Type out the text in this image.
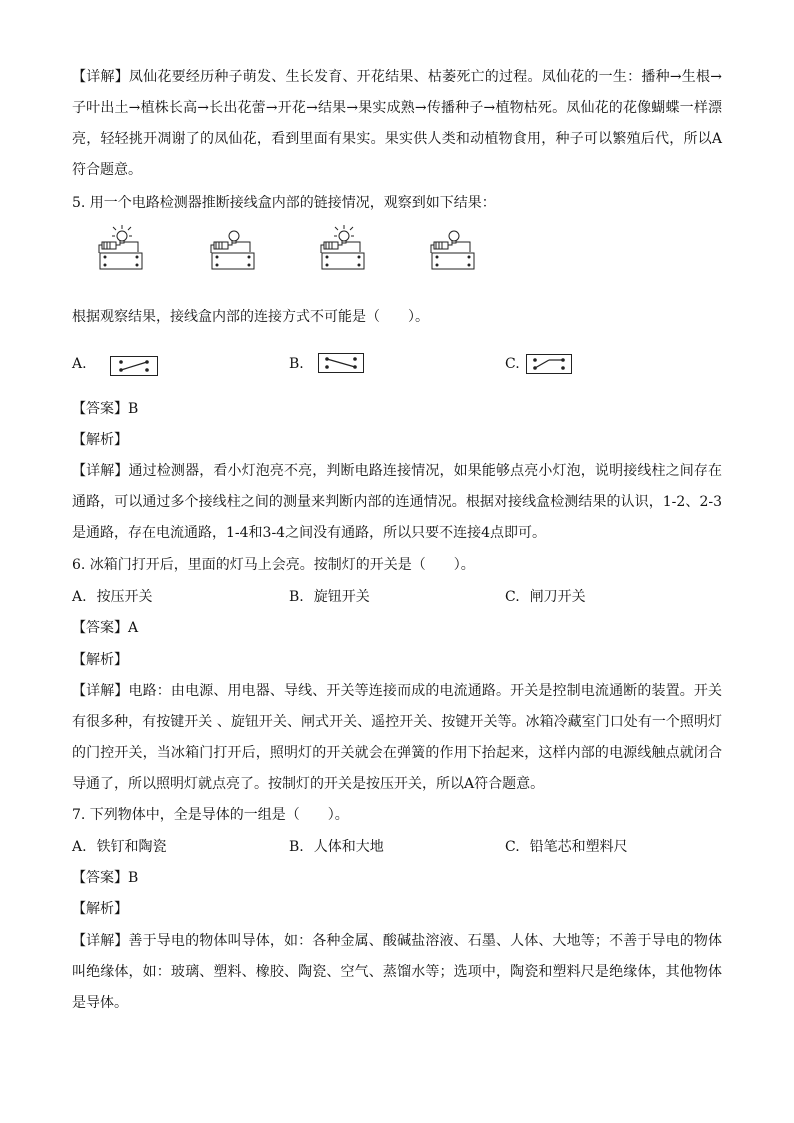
【详解】凤仙花要经历种子萌发、生长发育、开花结果、枯萎死亡的过程。凤仙花的一生：播种→生根→子叶出土→植株长高→长出花蕾→开花→结果→果实成熟→传播种子→植物枯死。凤仙花的花像蝴蝶一样漂亮，轻轻挑开凋谢了的凤仙花，看到里面有果实。果实供人类和动植物食用，种子可以繁殖后代，所以A符合题意。
5. 用一个电路检测器推断接线盒内部的链接情况，观察到如下结果：
根据观察结果，接线盒内部的连接方式不可能是（　　）。
A.	B.	C.
【答案】B
【解析】
【详解】通过检测器，看小灯泡亮不亮，判断电路连接情况，如果能够点亮小灯泡，说明接线柱之间存在通路，可以通过多个接线柱之间的测量来判断内部的连通情况。根据对接线盒检测结果的认识，1-2、2-3是通路，存在电流通路，1-4和3-4之间没有通路，所以只要不连接4点即可。
6. 冰箱门打开后，里面的灯马上会亮。按制灯的开关是（　　）。
A. 按压开关	B. 旋钮开关	C. 闸刀开关
【答案】A
【解析】
【详解】电路：由电源、用电器、导线、开关等连接而成的电流通路。开关是控制电流通断的装置。开关有很多种，有按键开关 、旋钮开关、闸式开关、遥控开关、按键开关等。冰箱冷藏室门口处有一个照明灯的门控开关，当冰箱门打开后，照明灯的开关就会在弹簧的作用下抬起来，这样内部的电源线触点就闭合导通了，所以照明灯就点亮了。按制灯的开关是按压开关，所以A符合题意。
7. 下列物体中，全是导体的一组是（　　）。
A. 铁钉和陶瓷	B. 人体和大地	C. 铅笔芯和塑料尺
【答案】B
【解析】
【详解】善于导电的物体叫导体，如：各种金属、酸碱盐溶液、石墨、人体、大地等；不善于导电的物体叫绝缘体，如：玻璃、塑料、橡胶、陶瓷、空气、蒸馏水等；选项中，陶瓷和塑料尺是绝缘体，其他物体是导体。
